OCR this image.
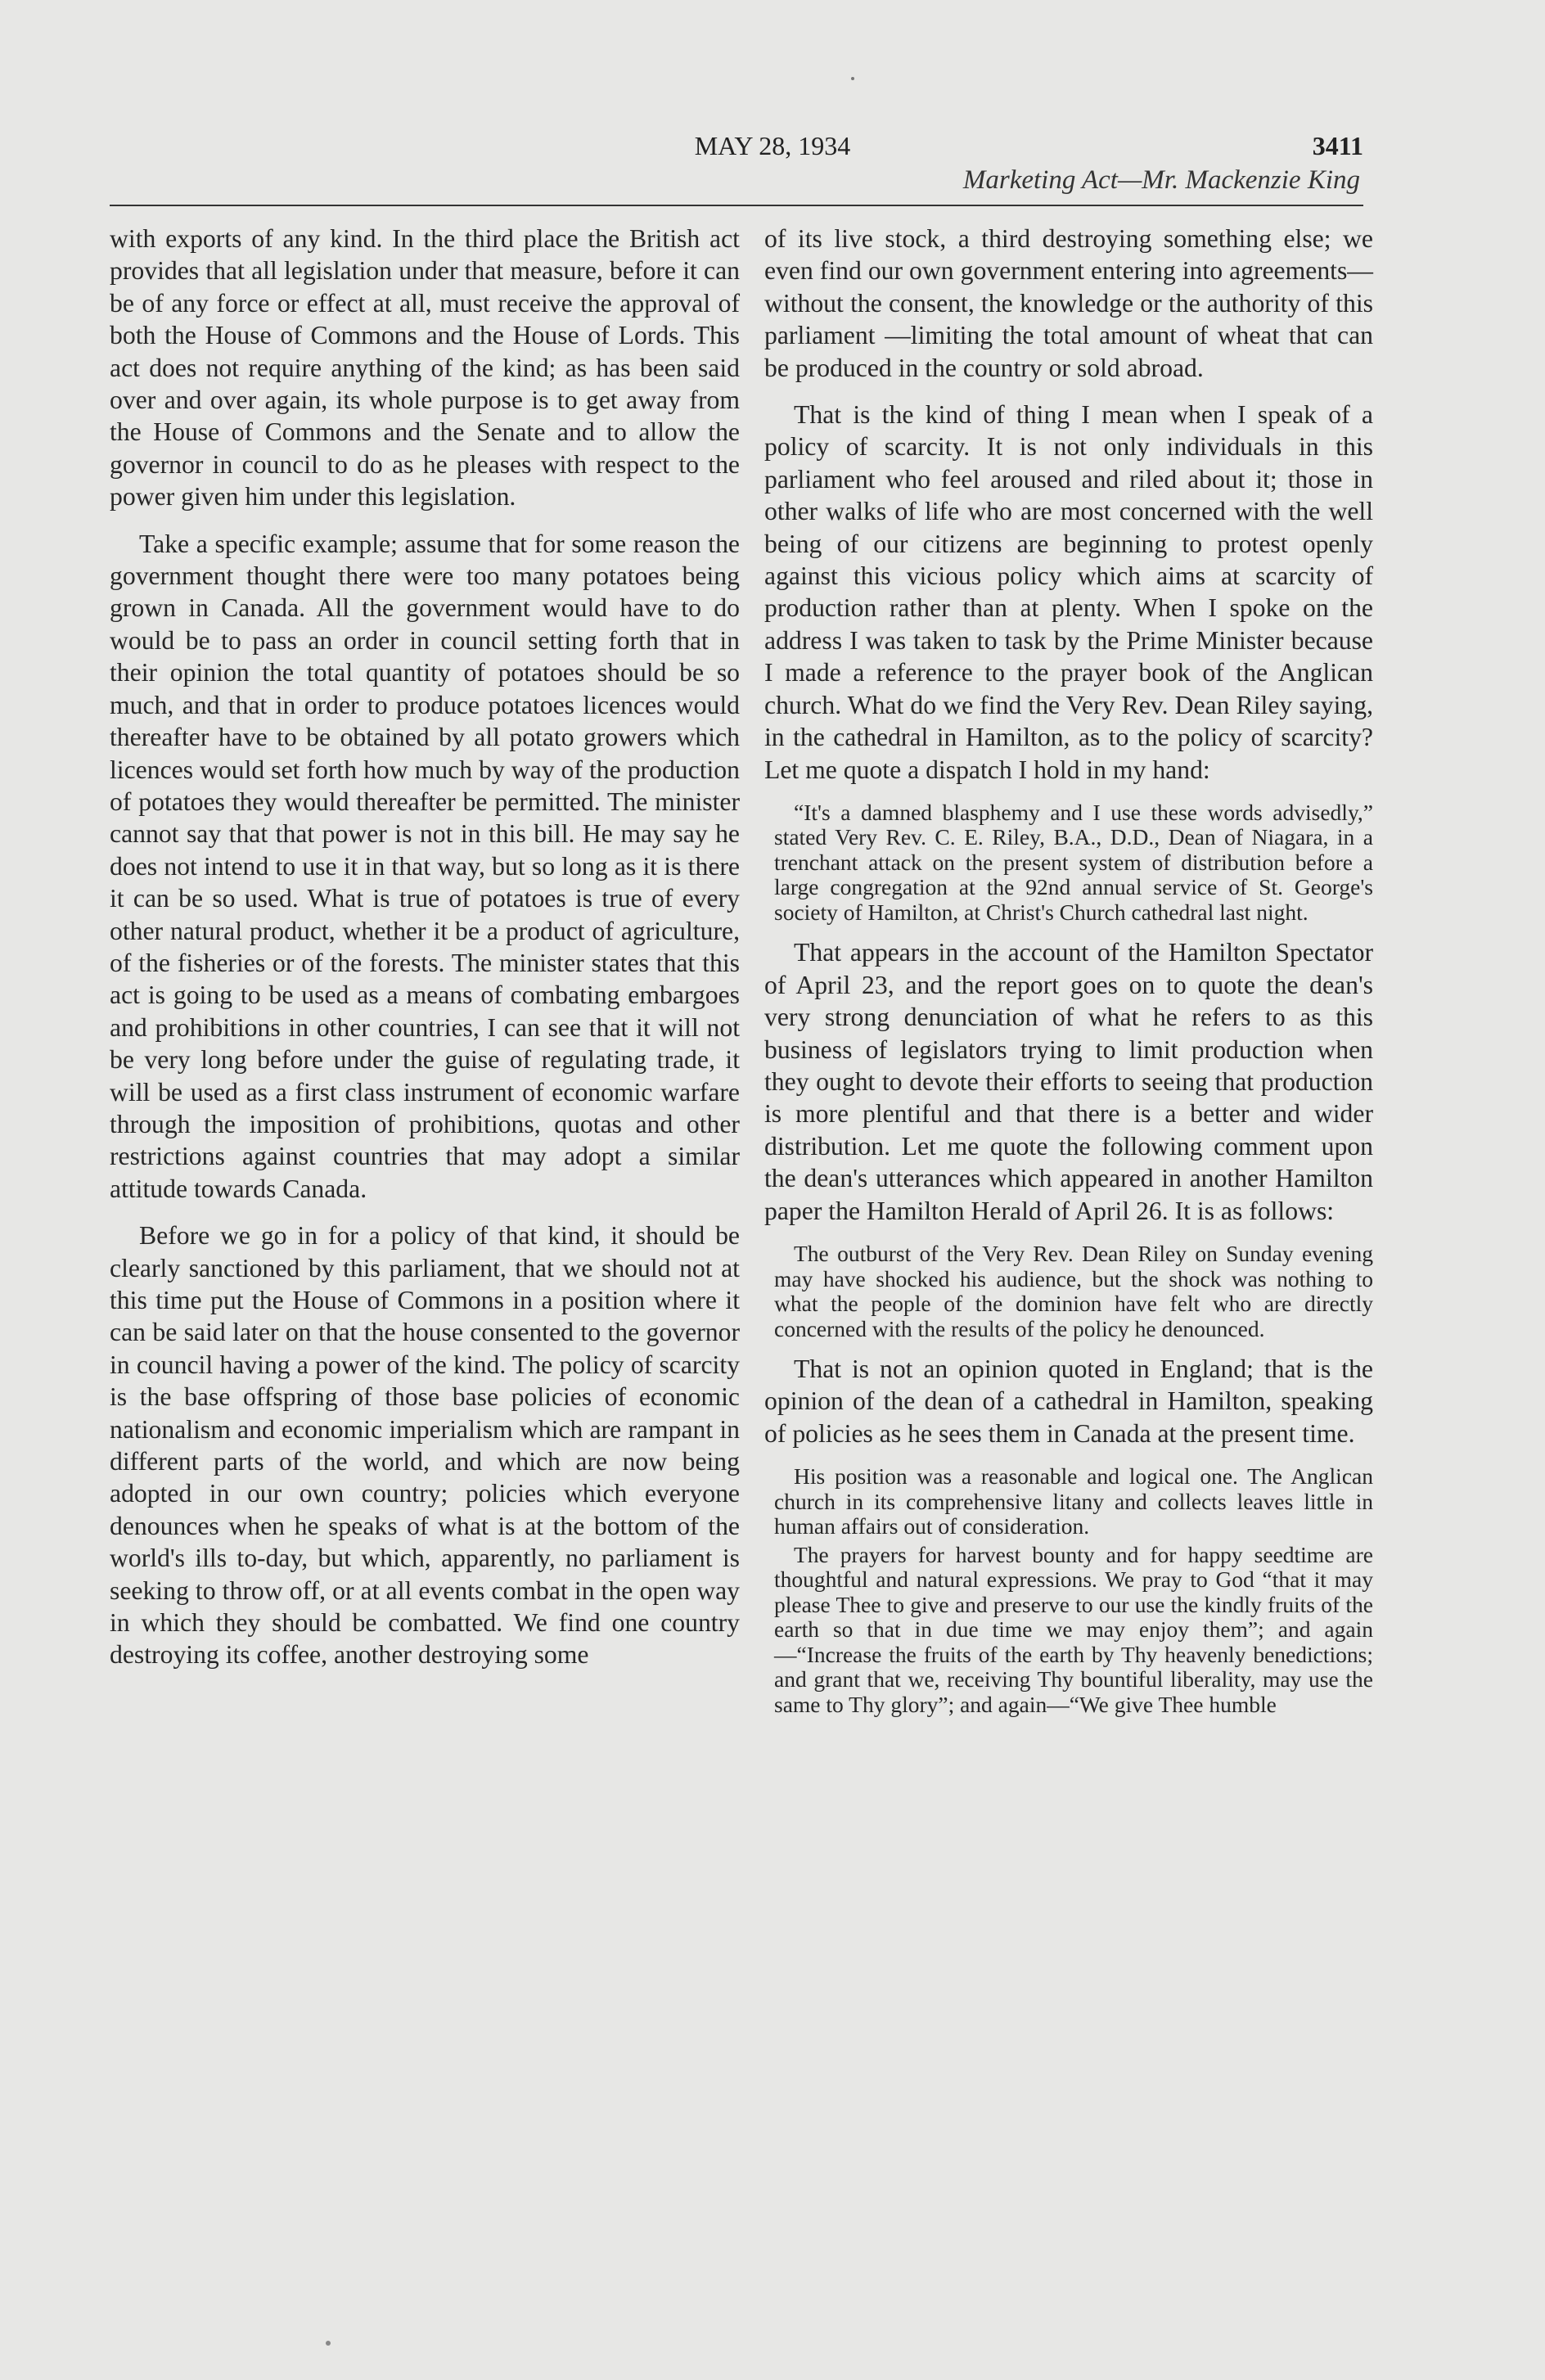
MAY 28, 1934	3411
Marketing Act—Mr. Mackenzie King

with exports of any kind. In the third place the British act provides that all legislation under that measure, before it can be of any force or effect at all, must receive the approval of both the House of Commons and the House of Lords. This act does not require anything of the kind; as has been said over and over again, its whole purpose is to get away from the House of Commons and the Senate and to allow the governor in council to do as he pleases with respect to the power given him under this legislation.

Take a specific example; assume that for some reason the government thought there were too many potatoes being grown in Canada. All the government would have to do would be to pass an order in council setting forth that in their opinion the total quantity of potatoes should be so much, and that in order to produce potatoes licences would thereafter have to be obtained by all potato growers which licences would set forth how much by way of the production of potatoes they would thereafter be permitted. The minister cannot say that that power is not in this bill. He may say he does not intend to use it in that way, but so long as it is there it can be so used. What is true of potatoes is true of every other natural product, whether it be a product of agriculture, of the fisheries or of the forests. The minister states that this act is going to be used as a means of combating embargoes and prohibitions in other countries, I can see that it will not be very long before under the guise of regulating trade, it will be used as a first class instrument of economic warfare through the imposition of prohibitions, quotas and other restrictions against countries that may adopt a similar attitude towards Canada.

Before we go in for a policy of that kind, it should be clearly sanctioned by this parliament, that we should not at this time put the House of Commons in a position where it can be said later on that the house consented to the governor in council having a power of the kind. The policy of scarcity is the base offspring of those base policies of economic nationalism and economic imperialism which are rampant in different parts of the world, and which are now being adopted in our own country; policies which everyone denounces when he speaks of what is at the bottom of the world's ills to-day, but which, apparently, no parliament is seeking to throw off, or at all events combat in the open way in which they should be combatted. We find one country destroying its coffee, another destroying some

of its live stock, a third destroying something else; we even find our own government entering into agreements—without the consent, the knowledge or the authority of this parliament —limiting the total amount of wheat that can be produced in the country or sold abroad.

That is the kind of thing I mean when I speak of a policy of scarcity. It is not only individuals in this parliament who feel aroused and riled about it; those in other walks of life who are most concerned with the well being of our citizens are beginning to protest openly against this vicious policy which aims at scarcity of production rather than at plenty. When I spoke on the address I was taken to task by the Prime Minister because I made a reference to the prayer book of the Anglican church. What do we find the Very Rev. Dean Riley saying, in the cathedral in Hamilton, as to the policy of scarcity? Let me quote a dispatch I hold in my hand:

“It's a damned blasphemy and I use these words advisedly,” stated Very Rev. C. E. Riley, B.A., D.D., Dean of Niagara, in a trenchant attack on the present system of distribution before a large congregation at the 92nd annual service of St. George's society of Hamilton, at Christ's Church cathedral last night.

That appears in the account of the Hamilton Spectator of April 23, and the report goes on to quote the dean's very strong denunciation of what he refers to as this business of legislators trying to limit production when they ought to devote their efforts to seeing that production is more plentiful and that there is a better and wider distribution. Let me quote the following comment upon the dean's utterances which appeared in another Hamilton paper the Hamilton Herald of April 26. It is as follows:

The outburst of the Very Rev. Dean Riley on Sunday evening may have shocked his audience, but the shock was nothing to what the people of the dominion have felt who are directly concerned with the results of the policy he denounced.

That is not an opinion quoted in England; that is the opinion of the dean of a cathedral in Hamilton, speaking of policies as he sees them in Canada at the present time.

His position was a reasonable and logical one. The Anglican church in its comprehensive litany and collects leaves little in human affairs out of consideration.

The prayers for harvest bounty and for happy seedtime are thoughtful and natural expressions. We pray to God “that it may please Thee to give and preserve to our use the kindly fruits of the earth so that in due time we may enjoy them”; and again—“Increase the fruits of the earth by Thy heavenly benedictions; and grant that we, receiving Thy bountiful liberality, may use the same to Thy glory”; and again—“We give Thee humble
